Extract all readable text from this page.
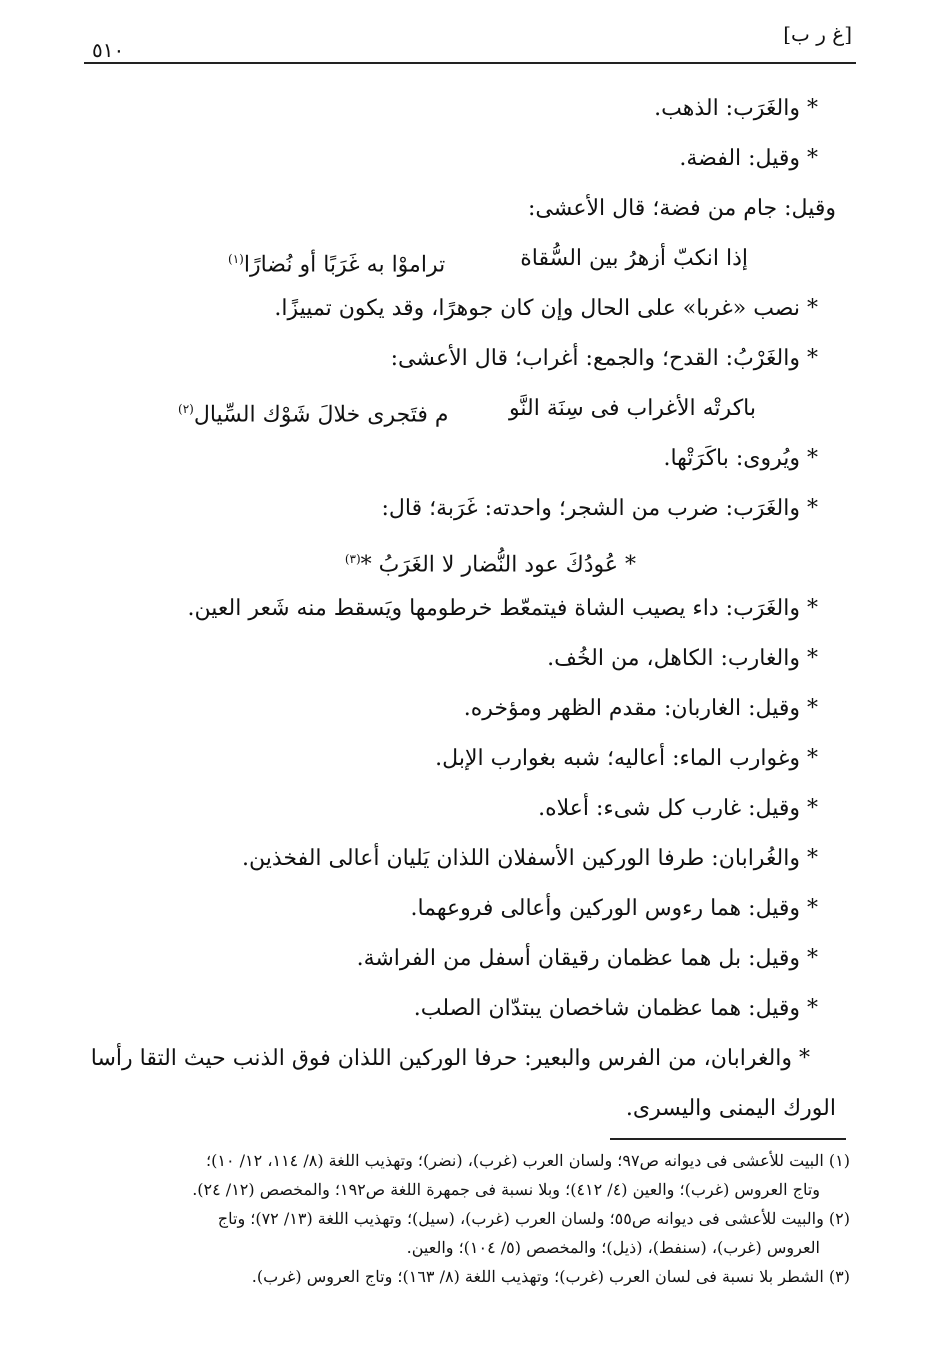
٥١٠
[غ ر ب]
* والغَرَب: الذهب.
* وقيل: الفضة.
وقيل: جام من فضة؛ قال الأعشى:
إذا انكبّ أزهرُ بين السُّقاة
تراموْا به غَرَبًا أو نُضارًا$^{(١)}$
* نصب «غربا» على الحال وإن كان جوهرًا، وقد يكون تمييزًا.
* والغَرْبُ: القدح؛ والجمع: أغراب؛ قال الأعشى:
باكرتْه الأغراب فى سِنَة النَّو
م فتَجرى خلالَ شَوْك السِّيال$^{(٢)}$
* ويُروى: باكَرَتْها.
* والغَرَب: ضرب من الشجر؛ واحدته: غَرَبة؛ قال:
* عُودُكَ عود النُّضار لا الغَرَبُ *$^{(٣)}$
* والغَرَب: داء يصيب الشاة فيتمعّط خرطومها ويَسقط منه شَعر العين.
* والغارب: الكاهل، من الخُف.
* وقيل: الغاربان: مقدم الظهر ومؤخره.
* وغوارب الماء: أعاليه؛ شبه بغوارب الإبل.
* وقيل: غارب كل شىء: أعلاه.
* والغُرابان: طرفا الوركين الأسفلان اللذان يَليان أعالى الفخذين.
* وقيل: هما رءوس الوركين وأعالى فروعهما.
* وقيل: بل هما عظمان رقيقان أسفل من الفراشة.
* وقيل: هما عظمان شاخصان يبتدّان الصلب.
* والغرابان، من الفرس والبعير: حرفا الوركين اللذان فوق الذنب حيث التقا رأسا
الورك اليمنى واليسرى.
(١) البيت للأعشى فى ديوانه ص٩٧؛ ولسان العرب (غرب)، (نضر)؛ وتهذيب اللغة (٨/ ١١٤، ١٢/ ١٠)؛
وتاج العروس (غرب)؛ والعين (٤/ ٤١٢)؛ وبلا نسبة فى جمهرة اللغة ص١٩٢؛ والمخصص (١٢/ ٢٤).
(٢) والبيت للأعشى فى ديوانه ص٥٥؛ ولسان العرب (غرب)، (سيل)؛ وتهذيب اللغة (١٣/ ٧٢)؛ وتاج
العروس (غرب)، (سنفط)، (ذيل)؛ والمخصص (٥/ ١٠٤)؛ والعين.
(٣) الشطر بلا نسبة فى لسان العرب (غرب)؛ وتهذيب اللغة (٨/ ١٦٣)؛ وتاج العروس (غرب).
